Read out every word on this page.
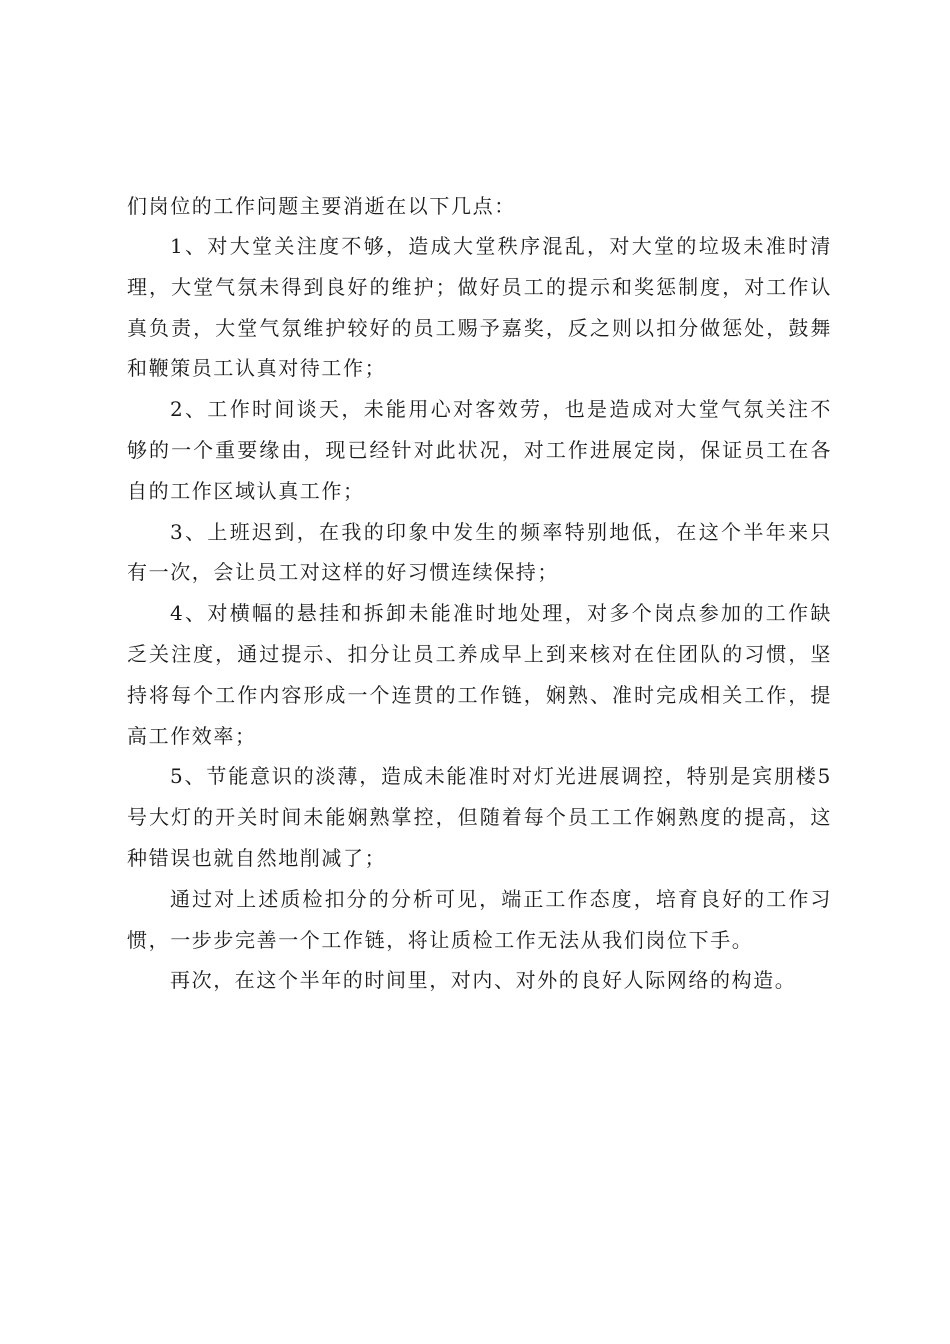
们岗位的工作问题主要消逝在以下几点：

1、对大堂关注度不够，造成大堂秩序混乱，对大堂的垃圾未准时清理，大堂气氛未得到良好的维护；做好员工的提示和奖惩制度，对工作认真负责，大堂气氛维护较好的员工赐予嘉奖，反之则以扣分做惩处，鼓舞和鞭策员工认真对待工作；

2、工作时间谈天，未能用心对客效劳，也是造成对大堂气氛关注不够的一个重要缘由，现已经针对此状况，对工作进展定岗，保证员工在各自的工作区域认真工作；

3、上班迟到，在我的印象中发生的频率特别地低，在这个半年来只有一次，会让员工对这样的好习惯连续保持；

4、对横幅的悬挂和拆卸未能准时地处理，对多个岗点参加的工作缺乏关注度，通过提示、扣分让员工养成早上到来核对在住团队的习惯，坚持将每个工作内容形成一个连贯的工作链，娴熟、准时完成相关工作，提高工作效率；

5、节能意识的淡薄，造成未能准时对灯光进展调控，特别是宾朋楼5号大灯的开关时间未能娴熟掌控，但随着每个员工工作娴熟度的提高，这种错误也就自然地削减了；

通过对上述质检扣分的分析可见，端正工作态度，培育良好的工作习惯，一步步完善一个工作链，将让质检工作无法从我们岗位下手。

再次，在这个半年的时间里，对内、对外的良好人际网络的构造。
